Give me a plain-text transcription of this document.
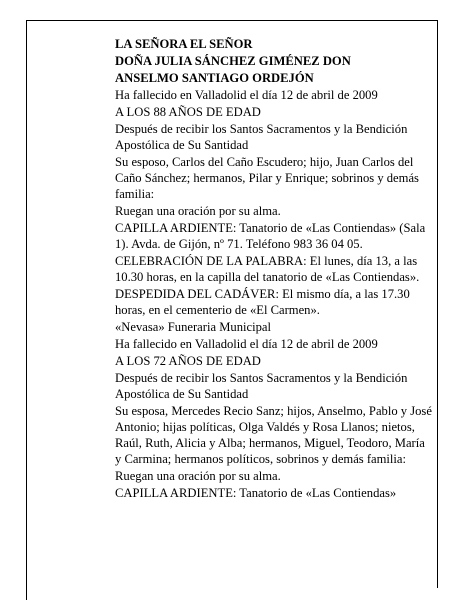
LA SEÑORA EL SEÑOR

DOÑA JULIA SÁNCHEZ GIMÉNEZ DON

ANSELMO SANTIAGO ORDEJÓN

Ha fallecido en Valladolid el día 12 de abril de 2009

A LOS 88 AÑOS DE EDAD

Después de recibir los Santos Sacramentos y la Bendición Apostólica de Su Santidad

Su esposo, Carlos del Caño Escudero; hijo, Juan Carlos del Caño Sánchez; hermanos, Pilar y Enrique; sobrinos y demás familia:

Ruegan una oración por su alma.

CAPILLA ARDIENTE: Tanatorio de «Las Contiendas» (Sala 1). Avda. de Gijón, nº 71. Teléfono 983 36 04 05.

CELEBRACIÓN DE LA PALABRA: El lunes, día 13, a las 10.30 horas, en la capilla del tanatorio de «Las Contiendas».

DESPEDIDA DEL CADÁVER: El mismo día, a las 17.30 horas, en el cementerio de «El Carmen».

«Nevasa» Funeraria Municipal

Ha fallecido en Valladolid el día 12 de abril de 2009

A LOS 72 AÑOS DE EDAD

Después de recibir los Santos Sacramentos y la Bendición Apostólica de Su Santidad

Su esposa, Mercedes Recio Sanz; hijos, Anselmo, Pablo y José Antonio; hijas políticas, Olga Valdés y Rosa Llanos; nietos, Raúl, Ruth, Alicia y Alba; hermanos, Miguel, Teodoro, María y Carmina; hermanos políticos, sobrinos y demás familia:

Ruegan una oración por su alma.

CAPILLA ARDIENTE: Tanatorio de «Las Contiendas»
